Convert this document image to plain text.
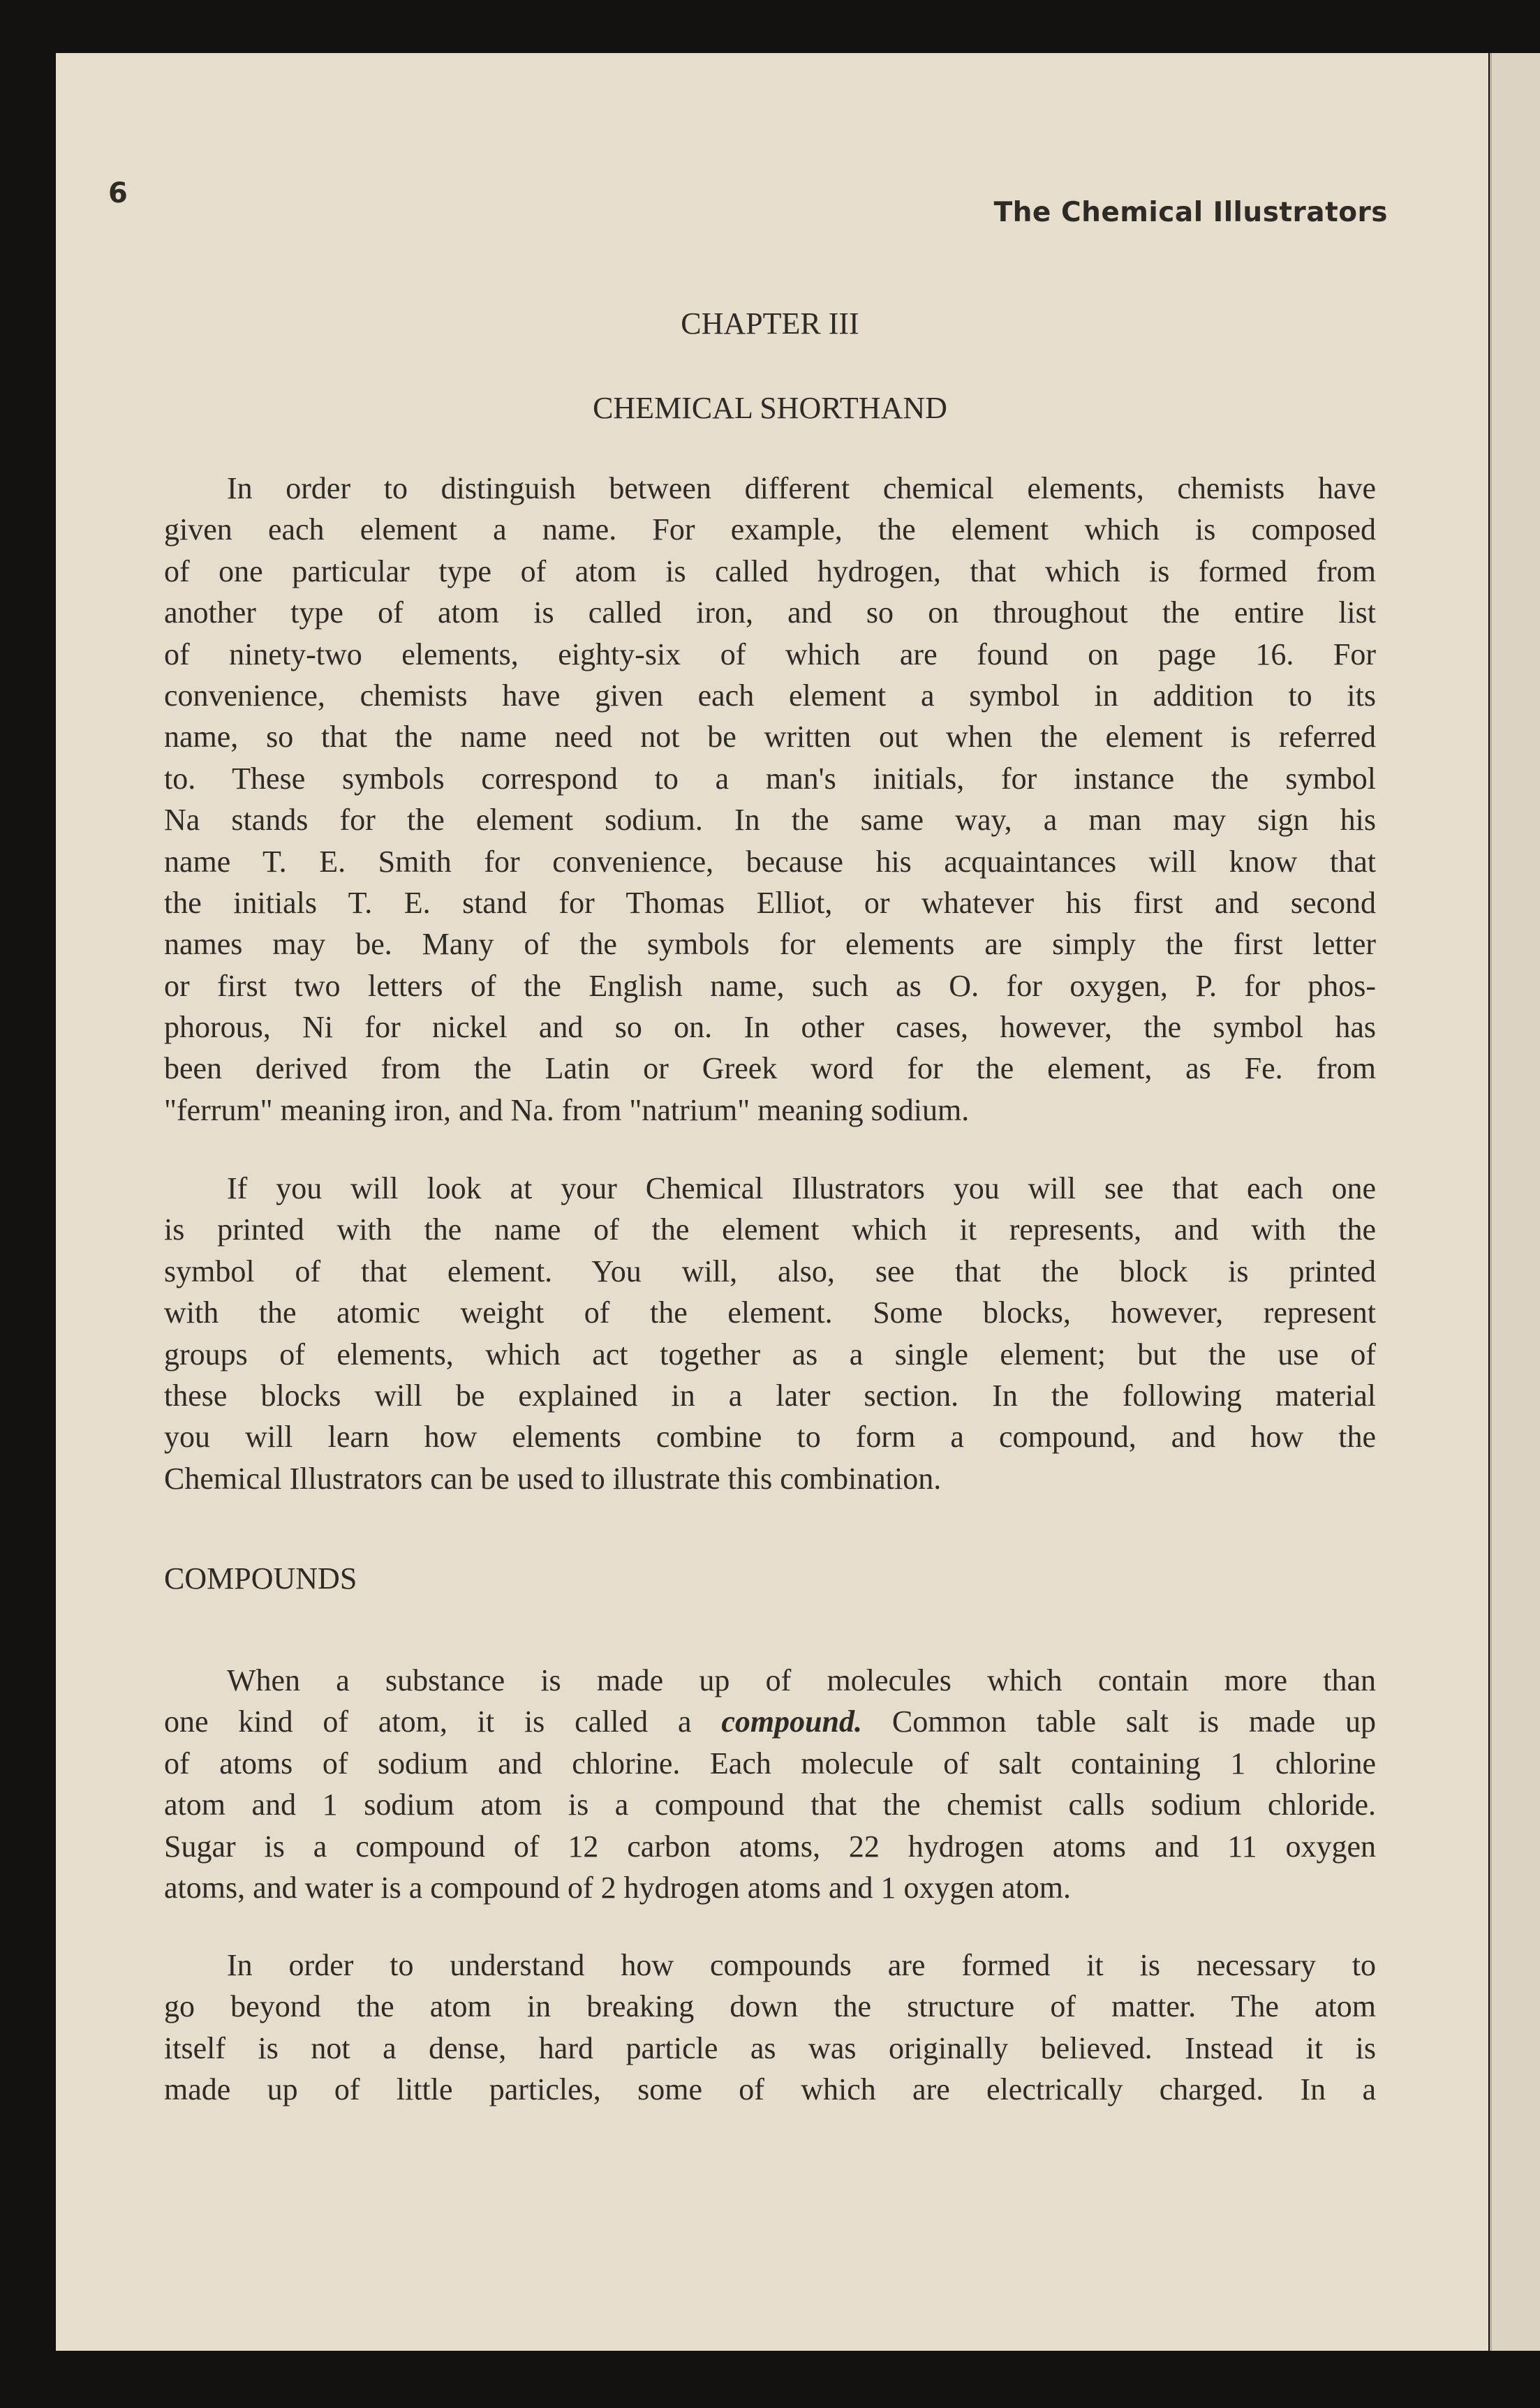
6
The Chemical Illustrators
CHAPTER III
CHEMICAL SHORTHAND
In order to distinguish between different chemical elements, chemists have
given each element a name. For example, the element which is composed
of one particular type of atom is called hydrogen, that which is formed from
another type of atom is called iron, and so on throughout the entire list
of ninety-two elements, eighty-six of which are found on page 16. For
convenience, chemists have given each element a symbol in addition to its
name, so that the name need not be written out when the element is referred
to. These symbols correspond to a man's initials, for instance the symbol
Na stands for the element sodium. In the same way, a man may sign his
name T. E. Smith for convenience, because his acquaintances will know that
the initials T. E. stand for Thomas Elliot, or whatever his first and second
names may be. Many of the symbols for elements are simply the first letter
or first two letters of the English name, such as O. for oxygen, P. for phos-
phorous, Ni for nickel and so on. In other cases, however, the symbol has
been derived from the Latin or Greek word for the element, as Fe. from
"ferrum" meaning iron, and Na. from "natrium" meaning sodium.
If you will look at your Chemical Illustrators you will see that each one
is printed with the name of the element which it represents, and with the
symbol of that element. You will, also, see that the block is printed
with the atomic weight of the element. Some blocks, however, represent
groups of elements, which act together as a single element; but the use of
these blocks will be explained in a later section. In the following material
you will learn how elements combine to form a compound, and how the
Chemical Illustrators can be used to illustrate this combination.
COMPOUNDS
When a substance is made up of molecules which contain more than
one kind of atom, it is called a compound. Common table salt is made up
of atoms of sodium and chlorine. Each molecule of salt containing 1 chlorine
atom and 1 sodium atom is a compound that the chemist calls sodium chloride.
Sugar is a compound of 12 carbon atoms, 22 hydrogen atoms and 11 oxygen
atoms, and water is a compound of 2 hydrogen atoms and 1 oxygen atom.
In order to understand how compounds are formed it is necessary to
go beyond the atom in breaking down the structure of matter. The atom
itself is not a dense, hard particle as was originally believed. Instead it is
made up of little particles, some of which are electrically charged. In a
